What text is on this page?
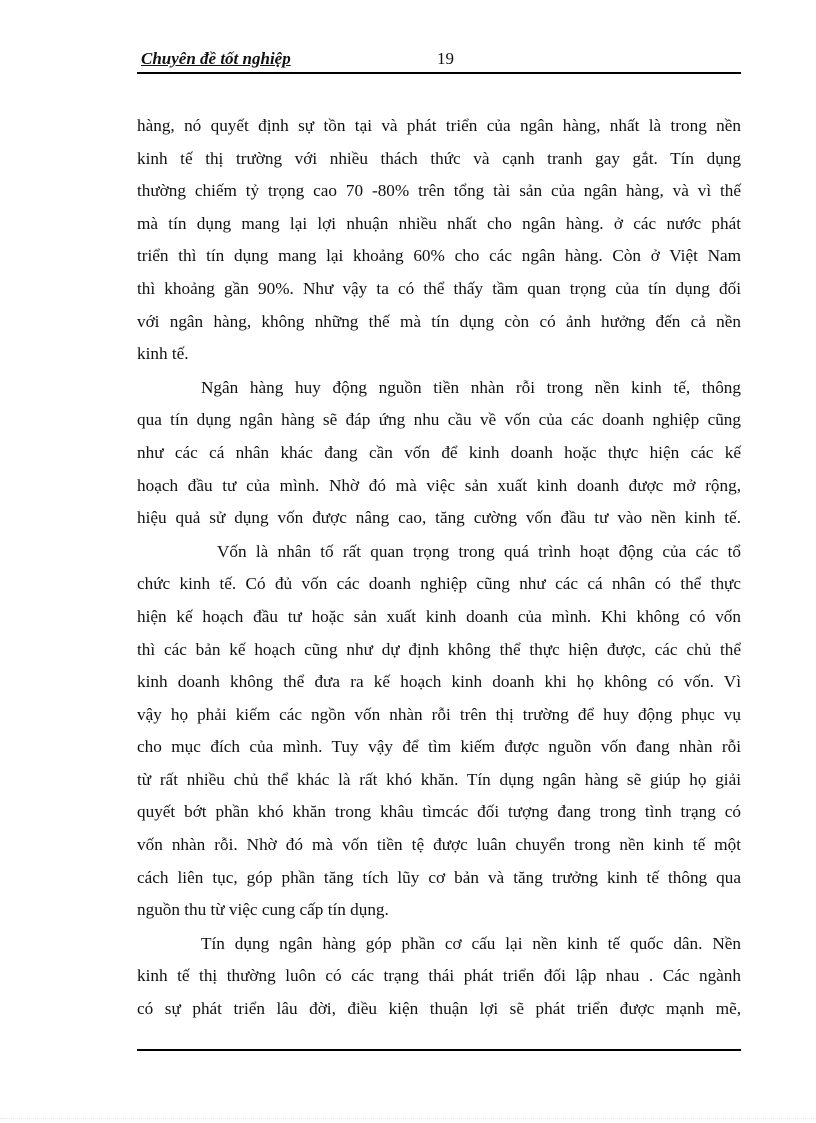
Chuyên đề tốt nghiệp	19

hàng, nó quyết định sự tồn tại và phát triển của ngân hàng, nhất là trong nền

kinh tế thị trường với nhiều thách thức và cạnh tranh gay gắt. Tín dụng

thường chiếm tỷ trọng cao 70 -80% trên tổng tài sản của ngân hàng, và vì thế

mà tín dụng mang lại lợi nhuận nhiều nhất cho ngân hàng. ở các nước phát

triển thì tín dụng mang lại khoảng 60% cho các ngân hàng. Còn ở Việt Nam

thì khoảng gần 90%. Như vậy ta có thể thấy tầm quan trọng của tín dụng đối

với ngân hàng, không những thế mà tín dụng còn có ảnh hưởng đến cả nền

kinh tế.

Ngân hàng huy động nguồn tiền nhàn rỗi trong nền kinh tế, thông

qua tín dụng ngân hàng sẽ đáp ứng nhu cầu về vốn của các doanh nghiệp cũng

như các cá nhân khác đang cần vốn để kinh doanh hoặc thực hiện các kế

hoạch đầu tư của mình. Nhờ đó mà việc sản xuất kinh doanh được mở rộng,

hiệu quả sử dụng vốn được nâng cao, tăng cường vốn đầu tư vào nền kinh tế.

Vốn là nhân tố rất quan trọng trong quá trình hoạt động của các tổ

chức kinh tế. Có đủ vốn các doanh nghiệp cũng như các cá nhân có thể thực

hiện kế hoạch đầu tư hoặc sản xuất kinh doanh của mình. Khi không có vốn

thì các bản kế hoạch cũng như dự định không thể thực hiện được, các chủ thể

kinh doanh không thể đưa ra kế hoạch kinh doanh khi họ không có vốn. Vì

vậy họ phải kiếm các ngồn vốn nhàn rỗi trên thị trường để huy động phục vụ

cho mục đích của mình. Tuy vậy để tìm kiếm được nguồn vốn đang nhàn rỗi

từ rất nhiều chủ thể khác là rất khó khăn. Tín dụng ngân hàng sẽ giúp họ giải

quyết bớt phần khó khăn trong khâu tìmcác đối tượng đang trong tình trạng có

vốn nhàn rỗi. Nhờ đó mà vốn tiền tệ được luân chuyển trong nền kinh tế một

cách liên tục, góp phần tăng tích lũy cơ bản và tăng trưởng kinh tế thông qua

nguồn thu từ việc cung cấp tín dụng.

Tín dụng ngân hàng góp phần cơ cấu lại nền kinh tế quốc dân. Nền

kinh tế thị thường luôn có các trạng thái phát triển đối lập nhau . Các ngành

có sự phát triển lâu đời, điều kiện thuận lợi sẽ phát triển được mạnh mẽ,
